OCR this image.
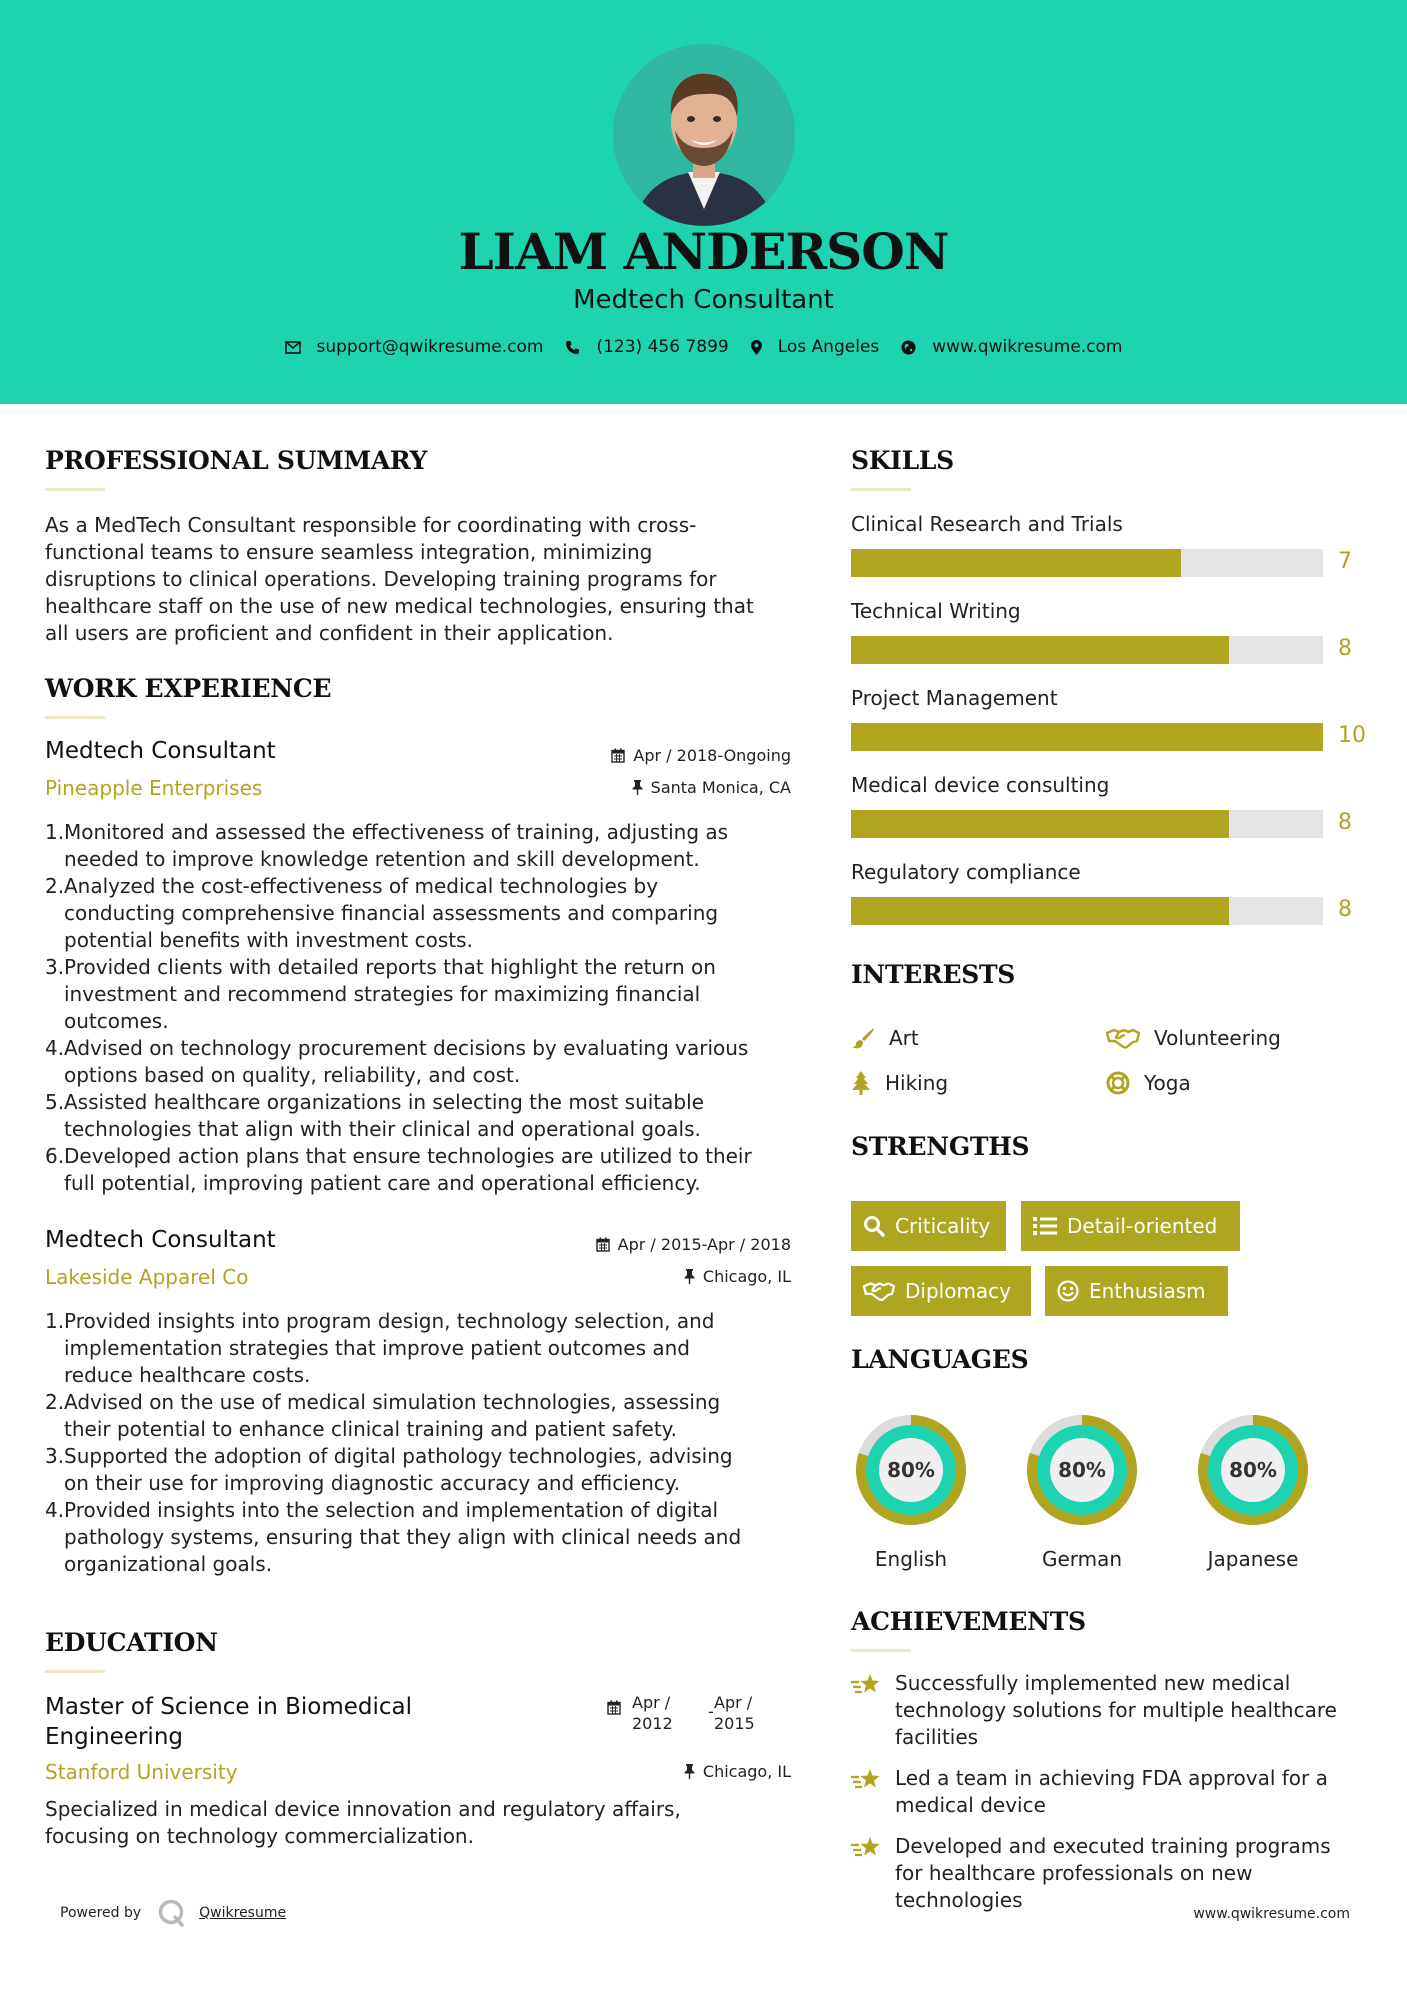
LIAM ANDERSON
Medtech Consultant
support@qwikresume.com	(123) 456 7899	Los Angeles	www.qwikresume.com
PROFESSIONAL SUMMARY
As a MedTech Consultant responsible for coordinating with cross-
functional teams to ensure seamless integration, minimizing
disruptions to clinical operations. Developing training programs for
healthcare staff on the use of new medical technologies, ensuring that
all users are proficient and confident in their application.
WORK EXPERIENCE
Medtech Consultant
Pineapple Enterprises
Apr / 2018-Ongoing
Santa Monica, CA
1. Monitored and assessed the effectiveness of training, adjusting as
needed to improve knowledge retention and skill development.
2. Analyzed the cost-effectiveness of medical technologies by
conducting comprehensive financial assessments and comparing
potential benefits with investment costs.
3. Provided clients with detailed reports that highlight the return on
investment and recommend strategies for maximizing financial
outcomes.
4. Advised on technology procurement decisions by evaluating various
options based on quality, reliability, and cost.
5. Assisted healthcare organizations in selecting the most suitable
technologies that align with their clinical and operational goals.
6. Developed action plans that ensure technologies are utilized to their
full potential, improving patient care and operational efficiency.
Medtech Consultant
Lakeside Apparel Co
Apr / 2015-Apr / 2018
Chicago, IL
1. Provided insights into program design, technology selection, and
implementation strategies that improve patient outcomes and
reduce healthcare costs.
2. Advised on the use of medical simulation technologies, assessing
their potential to enhance clinical training and patient safety.
3. Supported the adoption of digital pathology technologies, advising
on their use for improving diagnostic accuracy and efficiency.
4. Provided insights into the selection and implementation of digital
pathology systems, ensuring that they align with clinical needs and
organizational goals.
EDUCATION
Master of Science in Biomedical
Engineering
Apr /
2012
- Apr /
2015
Stanford University	Chicago, IL
Specialized in medical device innovation and regulatory affairs,
focusing on technology commercialization.
SKILLS
Clinical Research and Trials
7
Technical Writing
8
Project Management
10
Medical device consulting
8
Regulatory compliance
8
INTERESTS
Art	Volunteering
Hiking	Yoga
STRENGTHS
Criticality	Detail-oriented
Diplomacy	Enthusiasm
LANGUAGES
80%
English
80%
German
80%
Japanese
ACHIEVEMENTS
Successfully implemented new medical
technology solutions for multiple healthcare
facilities
Led a team in achieving FDA approval for a
medical device
Developed and executed training programs
for healthcare professionals on new
technologies
Powered by	Qwikresume	www.qwikresume.com
